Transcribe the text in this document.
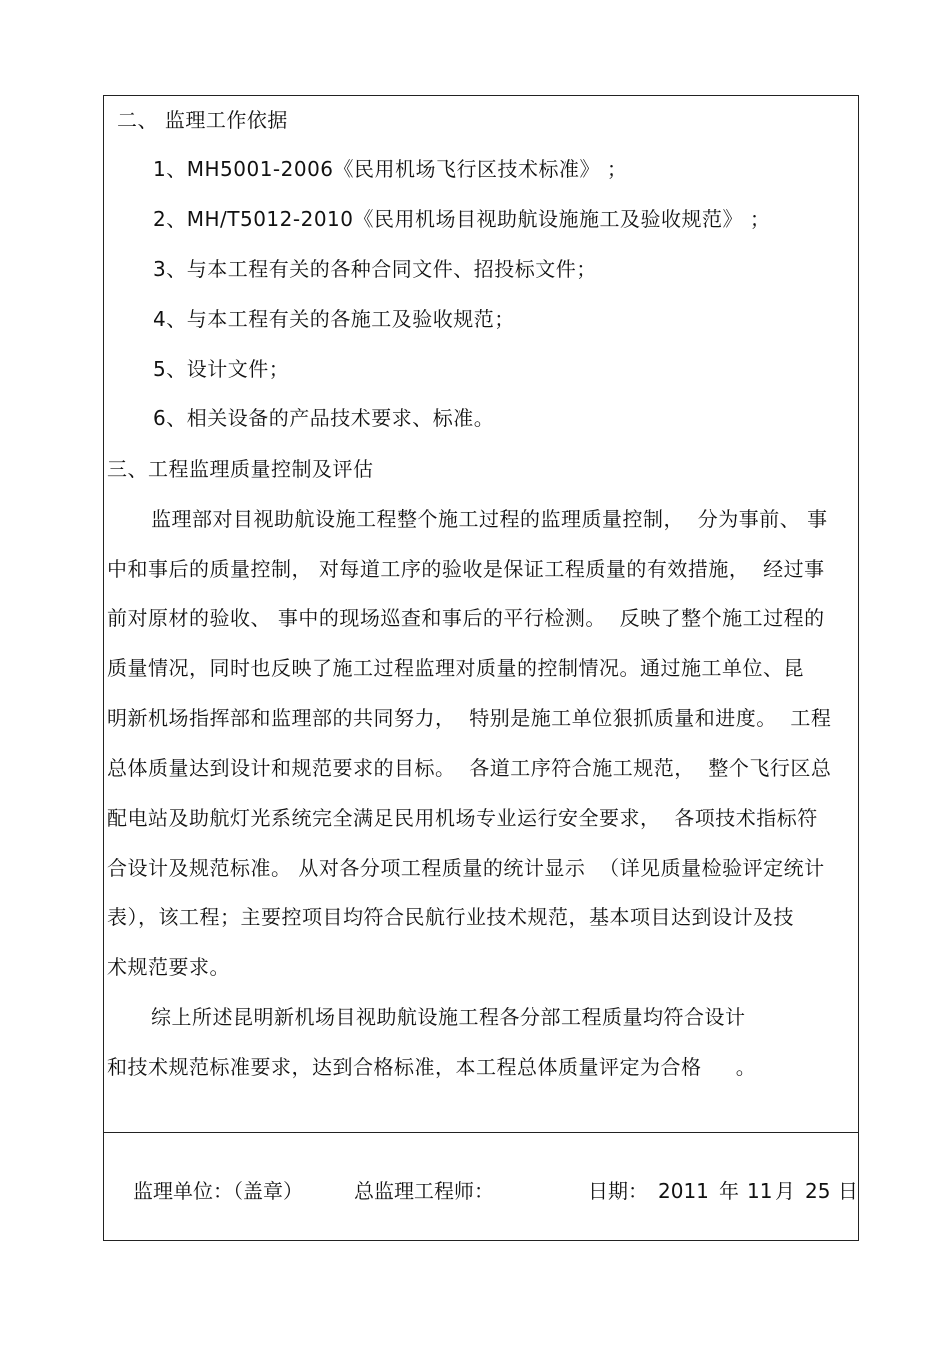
二、 监理工作依据
1、MH5001-2006《民用机场飞行区技术标准》 ；
2、MH/T5012-2010《民用机场目视助航设施施工及验收规范》 ；
3、与本工程有关的各种合同文件、招投标文件；
4、与本工程有关的各施工及验收规范；
5、设计文件；
6、相关设备的产品技术要求、标准。
三、工程监理质量控制及评估
监理部对目视助航设施工程整个施工过程的监理质量控制，  分为事前、 事
中和事后的质量控制， 对每道工序的验收是保证工程质量的有效措施，  经过事
前对原材的验收、 事中的现场巡查和事后的平行检测。  反映了整个施工过程的
质量情况，同时也反映了施工过程监理对质量的控制情况。通过施工单位、昆
明新机场指挥部和监理部的共同努力，  特别是施工单位狠抓质量和进度。  工程
总体质量达到设计和规范要求的目标。  各道工序符合施工规范，  整个飞行区总
配电站及助航灯光系统完全满足民用机场专业运行安全要求，  各项技术指标符
合设计及规范标准。 从对各分项工程质量的统计显示  （详见质量检验评定统计
表），该工程；主要控项目均符合民航行业技术规范，基本项目达到设计及技
术规范要求。
综上所述昆明新机场目视助航设施工程各分部工程质量均符合设计
和技术规范标准要求，达到合格标准，本工程总体质量评定为合格     。
监理单位：（盖章）	总监理工程师：	日期： 2011 年 11 月 25 日
